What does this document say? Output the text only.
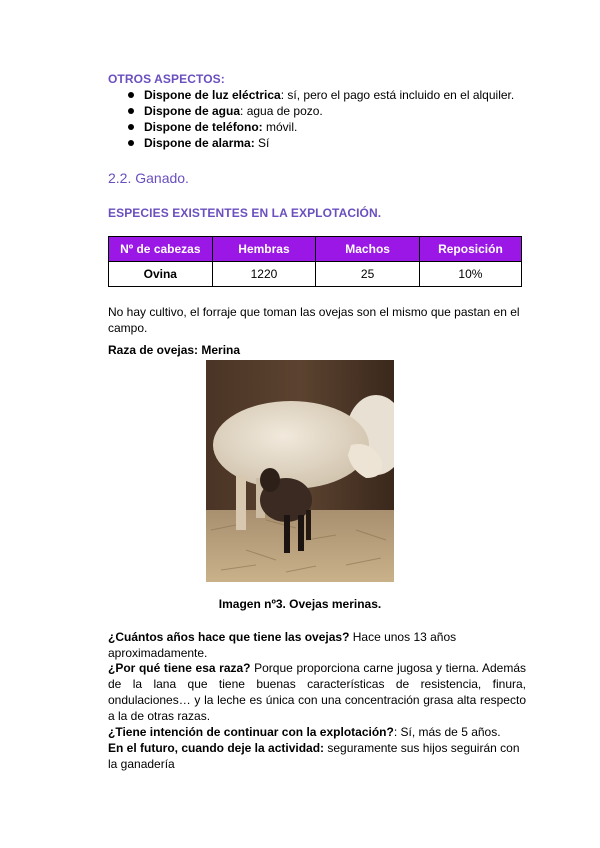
OTROS ASPECTOS:
Dispone de luz eléctrica: sí, pero el pago está incluido en el alquiler.
Dispone de agua: agua de pozo.
Dispone de teléfono: móvil.
Dispone de alarma: Sí
2.2. Ganado.
ESPECIES EXISTENTES EN LA EXPLOTACIÓN.
Nº de cabezas	Hembras	Machos	Reposición
Ovina	1220	25	10%
No hay cultivo, el forraje que toman las ovejas son el mismo que pastan en el campo.
Raza de ovejas: Merina
Imagen nº3. Ovejas merinas.
¿Cuántos años hace que tiene las ovejas? Hace unos 13 años aproximadamente.
¿Por qué tiene esa raza? Porque proporciona carne jugosa y tierna. Además de la lana que tiene buenas características de resistencia, finura, ondulaciones… y la leche es única con una concentración grasa alta respecto a la de otras razas.
¿Tiene intención de continuar con la explotación?: Sí, más de 5 años.
En el futuro, cuando deje la actividad: seguramente sus hijos seguirán con la ganadería
